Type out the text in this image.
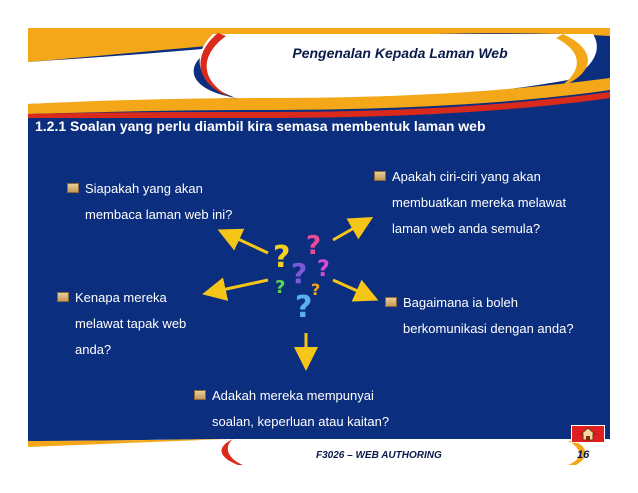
Pengenalan Kepada Laman Web
1.2.1 Soalan yang perlu diambil kira semasa membentuk laman web
? ?
? ?
? ?
?
Siapakah yang akan
membaca laman web ini?
Apakah ciri-ciri yang akan
membuatkan mereka melawat
laman web anda semula?
Kenapa mereka
melawat tapak web
anda?
Bagaimana ia boleh
berkomunikasi dengan anda?
Adakah mereka mempunyai
soalan, keperluan atau kaitan?
F3026 – WEB AUTHORING	16
